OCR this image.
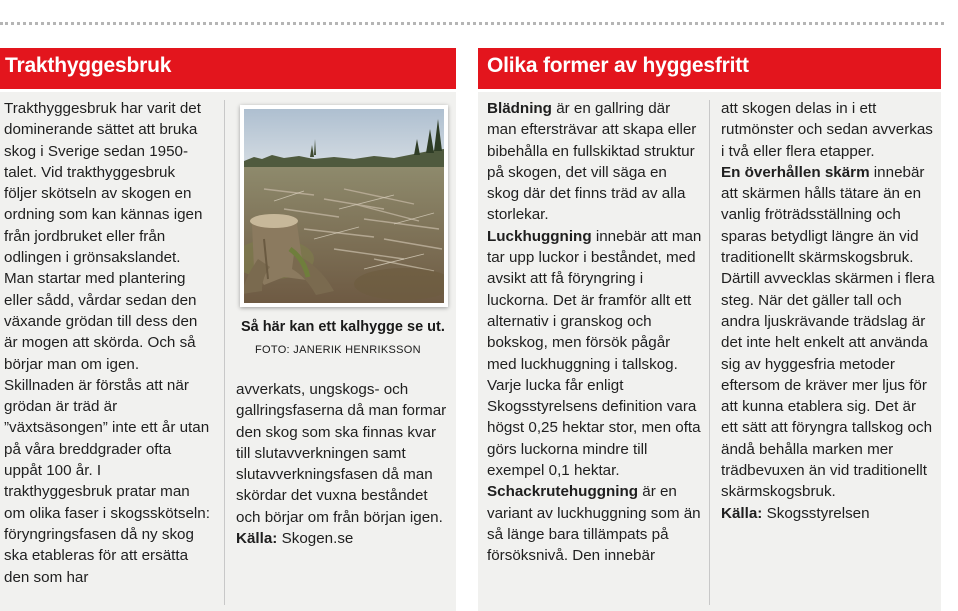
Trakthyggesbruk

Trakthyggesbruk har varit det dominerande sättet att bruka skog i Sverige sedan 1950-talet. Vid trakthyggesbruk följer skötseln av skogen en ordning som kan kännas igen från jordbruket eller från odlingen i grönsakslandet. Man startar med plantering eller sådd, vårdar sedan den växande grödan till dess den är mogen att skörda. Och så börjar man om igen. Skillnaden är förstås att när grödan är träd är ”växtsäsongen” inte ett år utan på våra breddgrader ofta uppåt 100 år. I trakthyggesbruk pratar man om olika faser i skogsskötseln: föryngringsfasen då ny skog ska etableras för att ersätta den som har

Så här kan ett kalhygge se ut. FOTO: JANERIK HENRIKSSON

avverkats, ungskogs- och gallringsfaserna då man formar den skog som ska finnas kvar till slutavverkningen samt slutavverkningsfasen då man skördar det vuxna beståndet och börjar om från början igen.

Källa: Skogen.se

Olika former av hyggesfritt

Blädning är en gallring där man eftersträvar att skapa eller bibehålla en fullskiktad struktur på skogen, det vill säga en skog där det finns träd av alla storlekar.

Luckhuggning innebär att man tar upp luckor i beståndet, med avsikt att få föryngring i luckorna. Det är framför allt ett alternativ i granskog och bokskog, men försök pågår med luckhuggning i tallskog. Varje lucka får enligt Skogsstyrelsens definition vara högst 0,25 hektar stor, men ofta görs luckorna mindre till exempel 0,1 hektar.

Schackrutehuggning är en variant av luckhuggning som än så länge bara tillämpats på försöksnivå. Den innebär

att skogen delas in i ett rutmönster och sedan avverkas i två eller flera etapper.

En överhållen skärm innebär att skärmen hålls tätare än en vanlig fröträdsställning och sparas betydligt längre än vid traditionellt skärmskogsbruk. Därtill avvecklas skärmen i flera steg. När det gäller tall och andra ljuskrävande trädslag är det inte helt enkelt att använda sig av hyggesfria metoder eftersom de kräver mer ljus för att kunna etablera sig. Det är ett sätt att föryngra tallskog och ändå behålla marken mer trädbevuxen än vid traditionellt skärmskogsbruk.

Källa: Skogsstyrelsen
